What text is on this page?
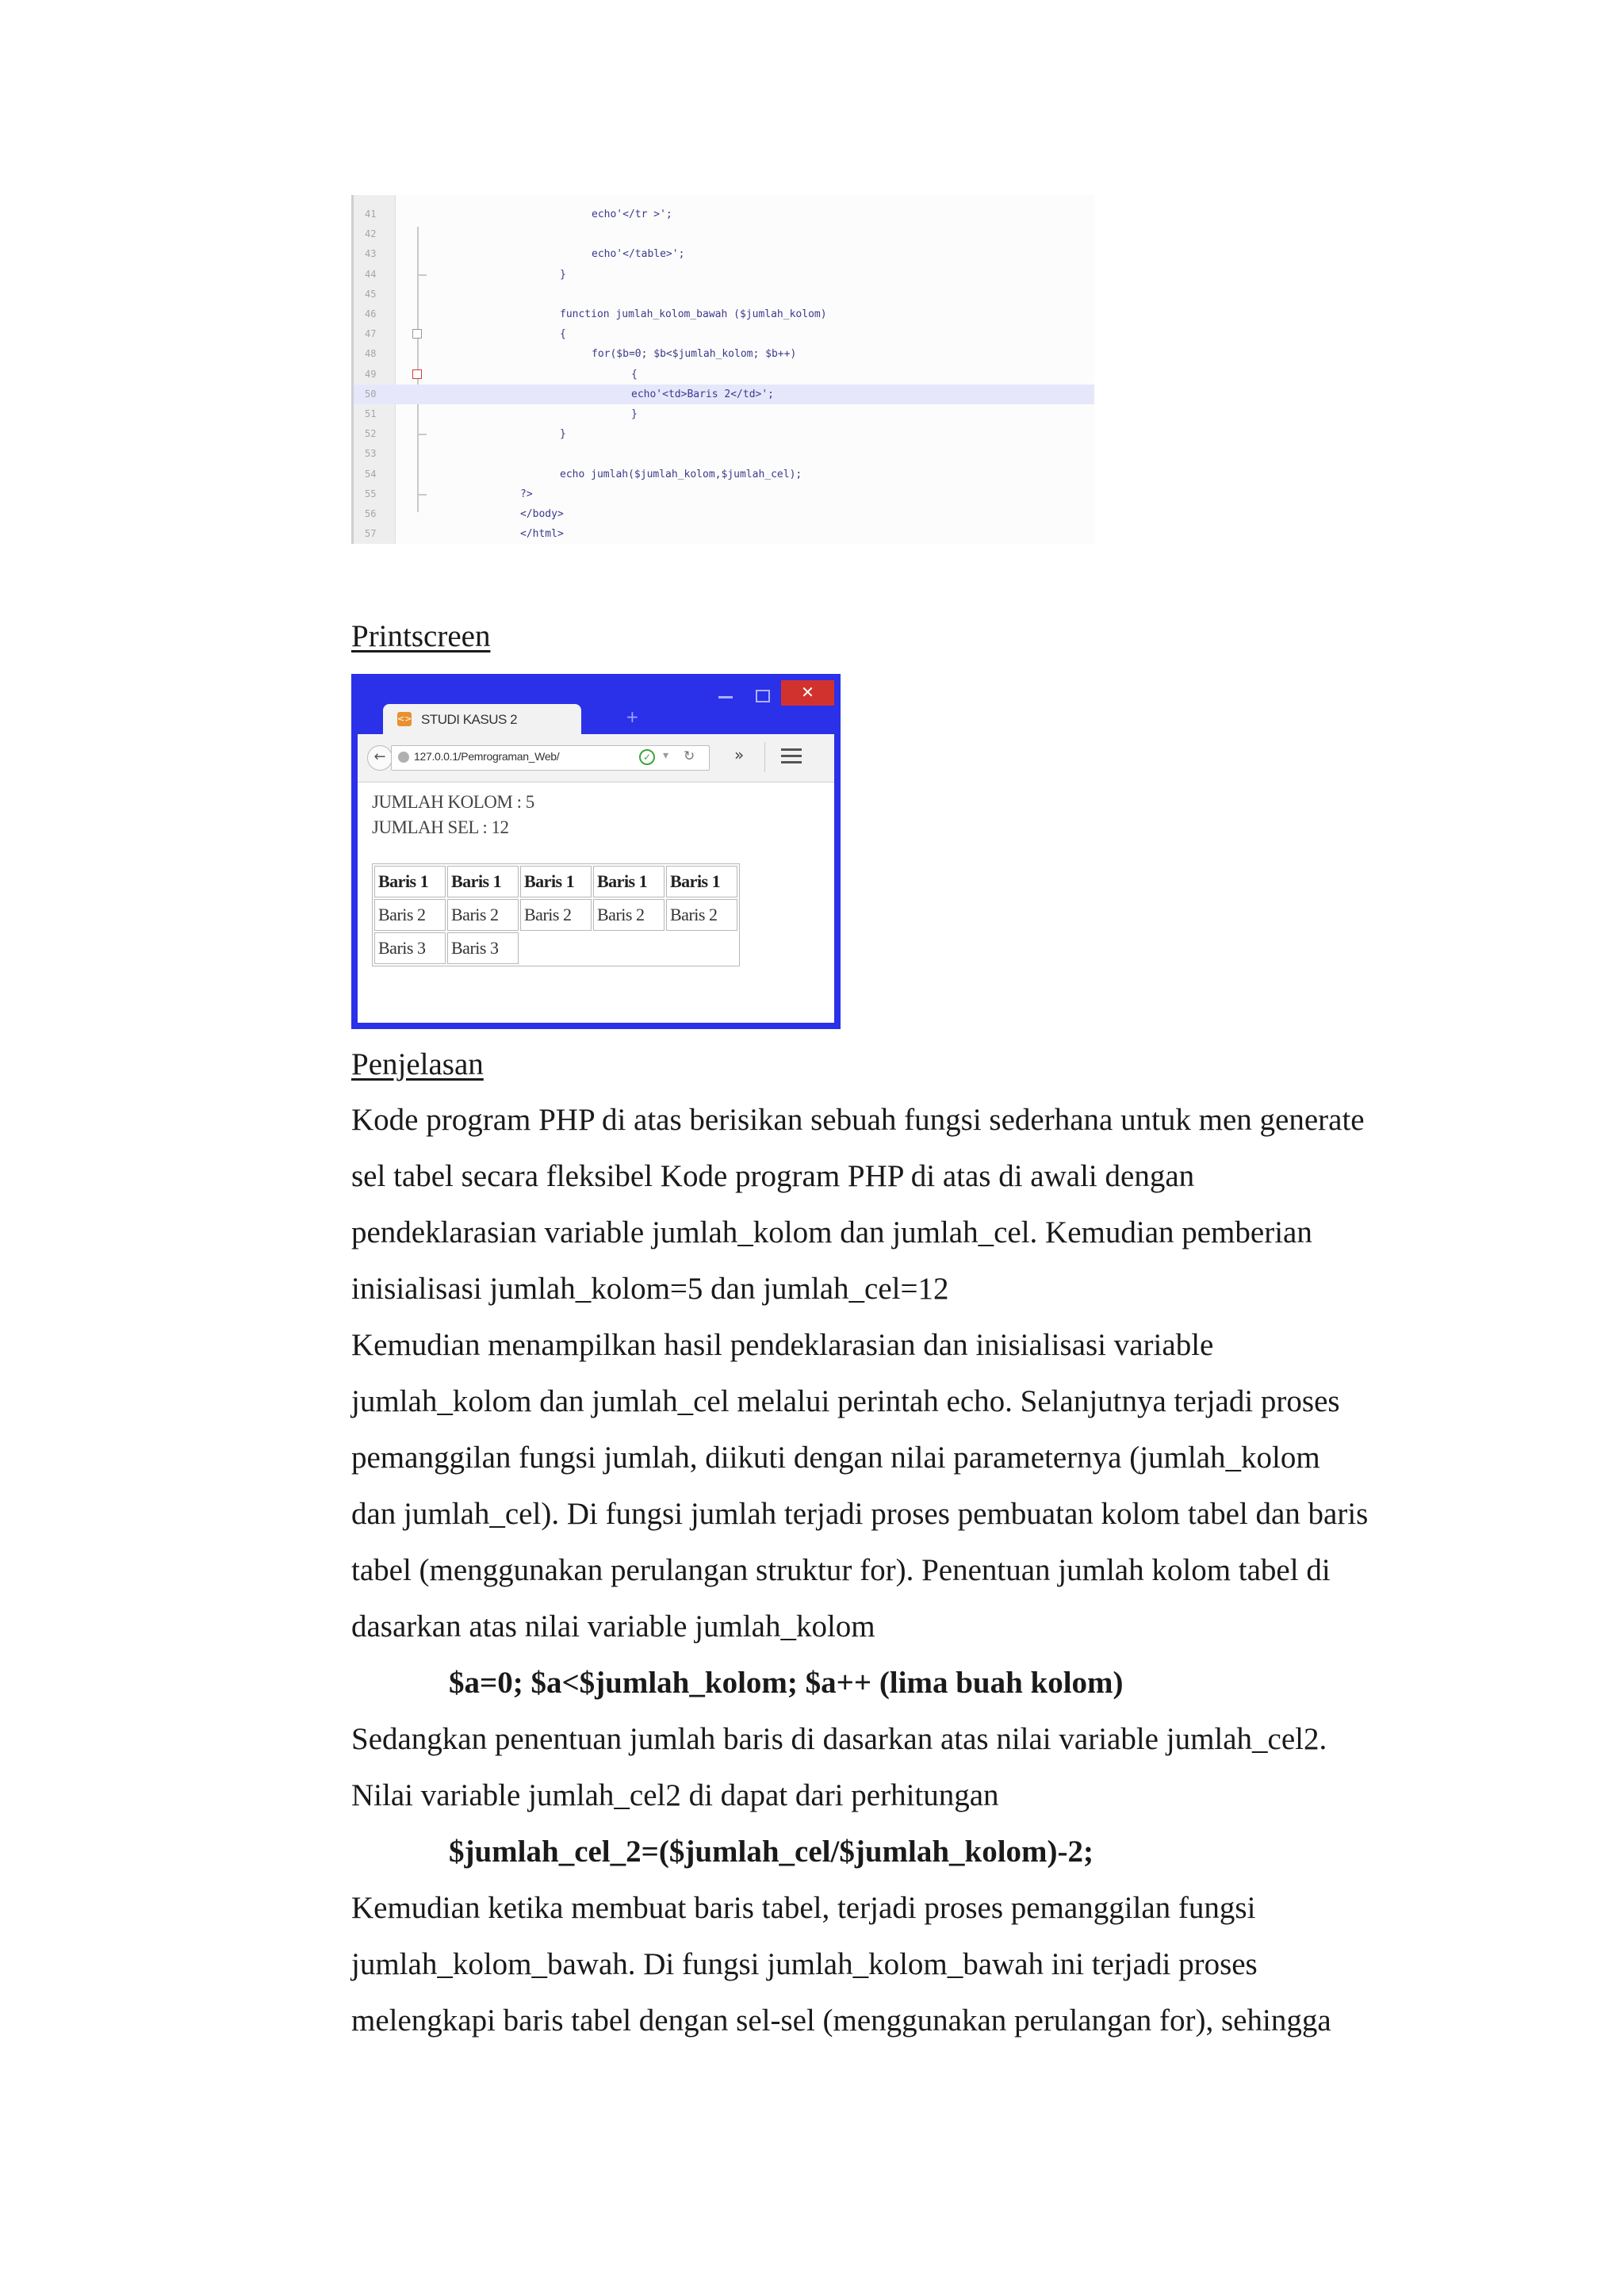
41	echo'</tr >';
42
43	echo'</table>';
44	}
45
46	function jumlah_kolom_bawah ($jumlah_kolom)
47	{
48	for($b=0; $b<$jumlah_kolom; $b++)
49	{
50	echo'<td>Baris 2</td>';
51	}
52	}
53
54	echo jumlah($jumlah_kolom,$jumlah_cel);
55	?>
56	</body>
57	</html>
Printscreen
<> STUDI KASUS 2	+
✕
←	127.0.0.1/Pemrograman_Web/	✓	▾ ↻ »
JUMLAH KOLOM : 5
JUMLAH SEL : 12
Baris 1	Baris 1	Baris 1	Baris 1	Baris 1
Baris 2	Baris 2	Baris 2	Baris 2	Baris 2
Baris 3	Baris 3			
Penjelasan
Kode program PHP di atas berisikan sebuah fungsi sederhana untuk men generate
sel tabel secara fleksibel Kode program PHP di atas di awali dengan
pendeklarasian variable jumlah_kolom dan jumlah_cel. Kemudian pemberian
inisialisasi jumlah_kolom=5 dan jumlah_cel=12
Kemudian menampilkan hasil pendeklarasian dan inisialisasi variable
jumlah_kolom dan jumlah_cel melalui perintah echo. Selanjutnya terjadi proses
pemanggilan fungsi jumlah, diikuti dengan nilai parameternya (jumlah_kolom
dan jumlah_cel). Di fungsi jumlah terjadi proses pembuatan kolom tabel dan baris
tabel (menggunakan perulangan struktur for). Penentuan jumlah kolom tabel di
dasarkan atas nilai variable jumlah_kolom
$a=0; $a<$jumlah_kolom; $a++ (lima buah kolom)
Sedangkan penentuan jumlah baris di dasarkan atas nilai variable jumlah_cel2.
Nilai variable jumlah_cel2 di dapat dari perhitungan
$jumlah_cel_2=($jumlah_cel/$jumlah_kolom)-2;
Kemudian ketika membuat baris tabel, terjadi proses pemanggilan fungsi
jumlah_kolom_bawah. Di fungsi jumlah_kolom_bawah ini terjadi proses
melengkapi baris tabel dengan sel-sel (menggunakan perulangan for), sehingga
